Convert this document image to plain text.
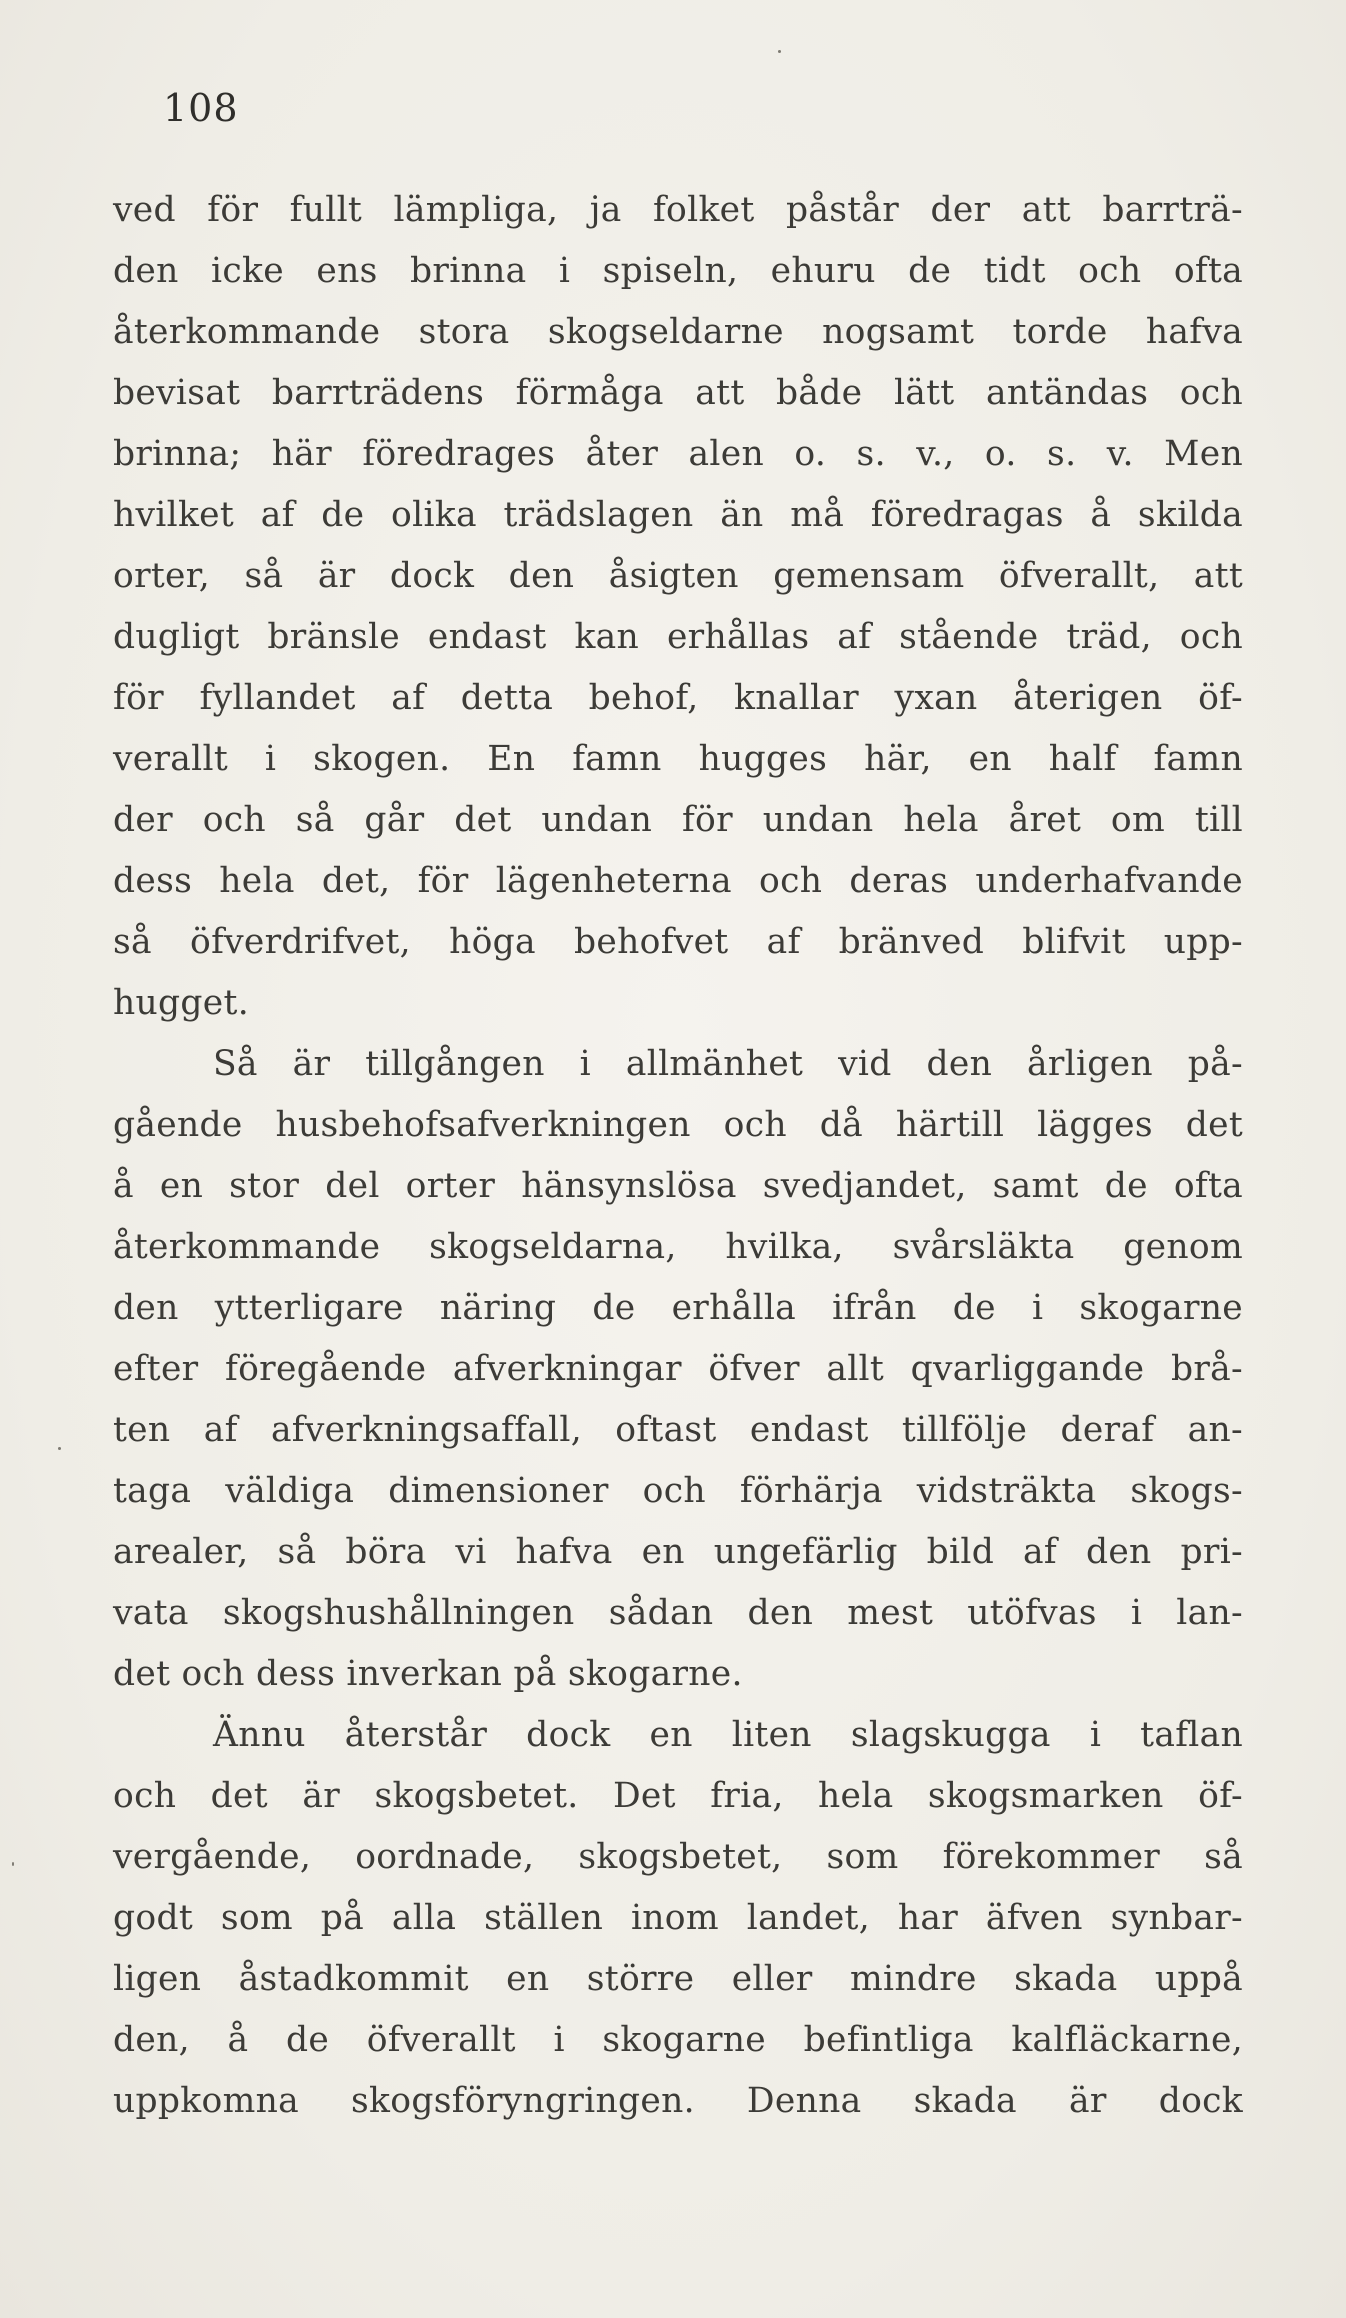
108
ved för fullt lämpliga, ja folket påstår der att barrträ-
den icke ens brinna i spiseln, ehuru de tidt och ofta
återkommande stora skogseldarne nogsamt torde hafva
bevisat barrträdens förmåga att både lätt antändas och
brinna; här föredrages åter alen o. s. v., o. s. v. Men
hvilket af de olika trädslagen än må föredragas å skilda
orter, så är dock den åsigten gemensam öfverallt, att
dugligt bränsle endast kan erhållas af stående träd, och
för fyllandet af detta behof, knallar yxan återigen öf-
verallt i skogen. En famn hugges här, en half famn
der och så går det undan för undan hela året om till
dess hela det, för lägenheterna och deras underhafvande
så öfverdrifvet, höga behofvet af bränved blifvit upp-
hugget.
Så är tillgången i allmänhet vid den årligen på-
gående husbehofsafverkningen och då härtill lägges det
å en stor del orter hänsynslösa svedjandet, samt de ofta
återkommande skogseldarna, hvilka, svårsläkta genom
den ytterligare näring de erhålla ifrån de i skogarne
efter föregående afverkningar öfver allt qvarliggande brå-
ten af afverkningsaffall, oftast endast tillfölje deraf an-
taga väldiga dimensioner och förhärja vidsträkta skogs-
arealer, så böra vi hafva en ungefärlig bild af den pri-
vata skogshushållningen sådan den mest utöfvas i lan-
det och dess inverkan på skogarne.
Ännu återstår dock en liten slagskugga i taflan
och det är skogsbetet. Det fria, hela skogsmarken öf-
vergående, oordnade, skogsbetet, som förekommer så
godt som på alla ställen inom landet, har äfven synbar-
ligen åstadkommit en större eller mindre skada uppå
den, å de öfverallt i skogarne befintliga kalfläckarne,
uppkomna skogsföryngringen. Denna skada är dock
